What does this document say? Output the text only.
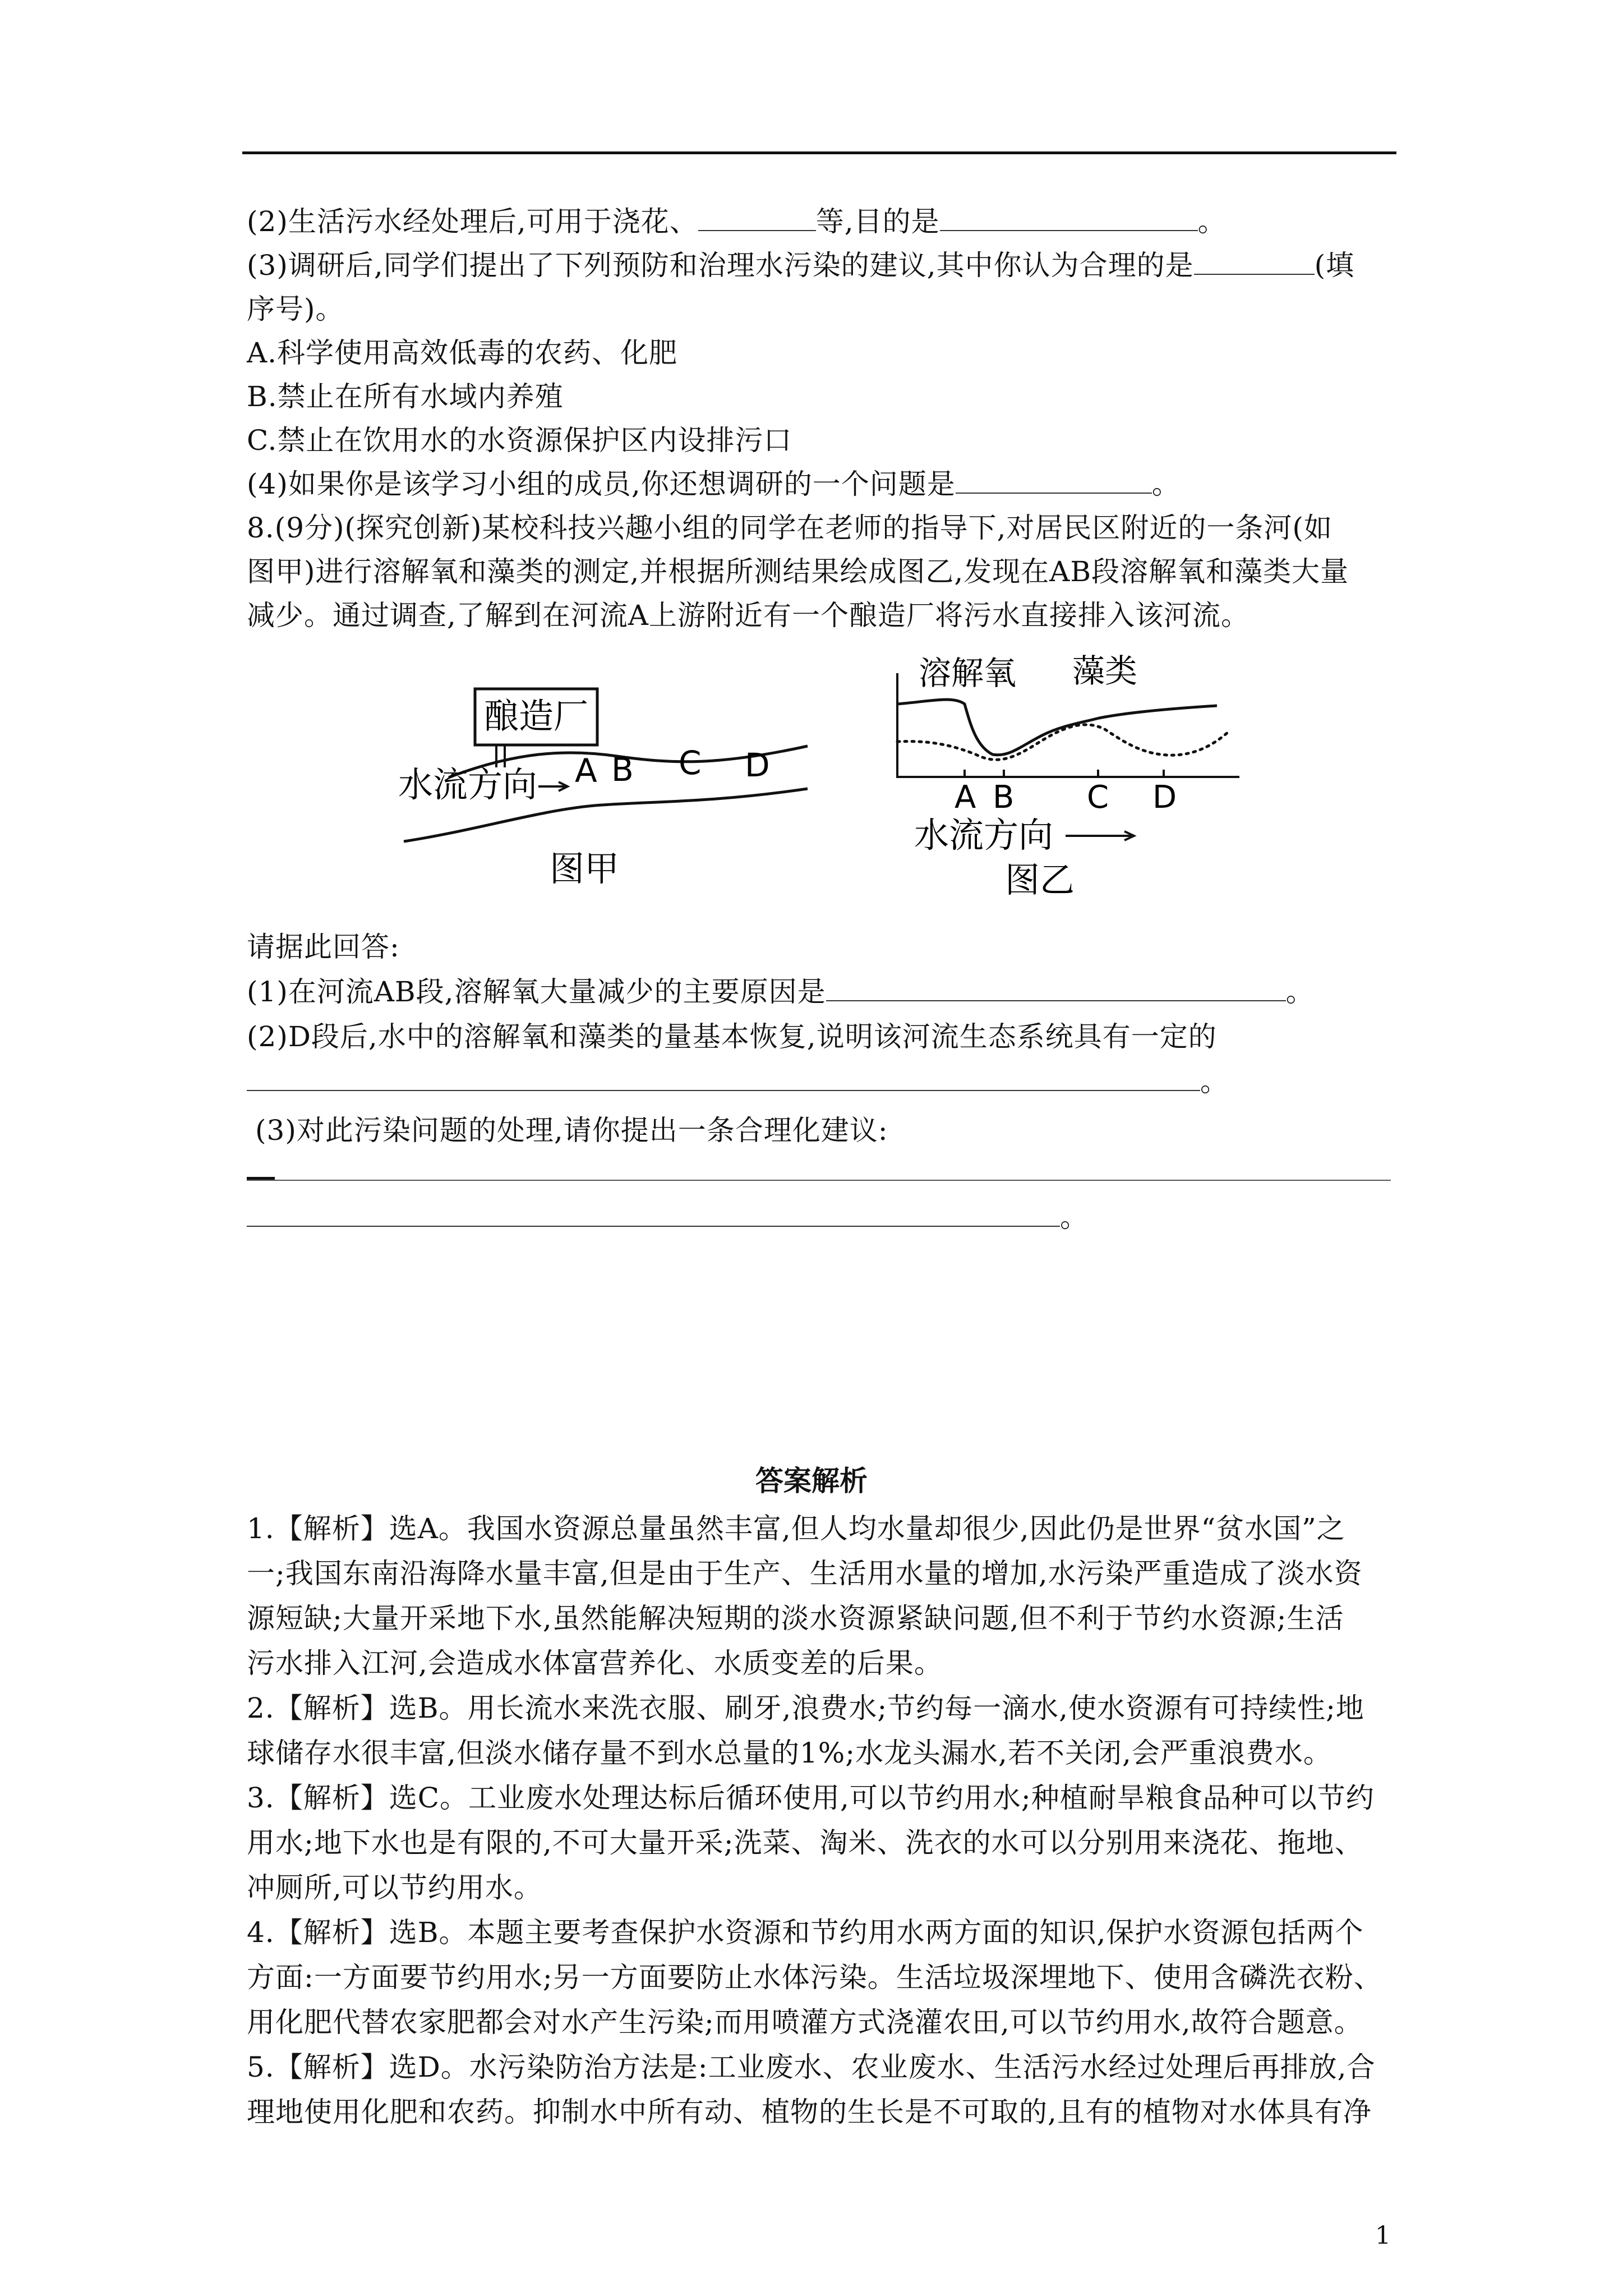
(2)生活污水经处理后,可用于浇花、	等,目的是	。
(3)调研后,同学们提出了下列预防和治理水污染的建议,其中你认为合理的是	(填
序号)。
A.科学使用高效低毒的农药、化肥
B.禁止在所有水域内养殖
C.禁止在饮用水的水资源保护区内设排污口
(4)如果你是该学习小组的成员,你还想调研的一个问题是	。
8.(9分)(探究创新)某校科技兴趣小组的同学在老师的指导下,对居民区附近的一条河(如
图甲)进行溶解氧和藻类的测定,并根据所测结果绘成图乙,发现在AB段溶解氧和藻类大量
减少。通过调查,了解到在河流A上游附近有一个酿造厂将污水直接排入该河流。
酿造厂
水流方向 A B C D
图甲
溶解氧 藻类
A B C D
水流方向
图乙
请据此回答:
(1)在河流AB段,溶解氧大量减少的主要原因是	。
(2)D段后,水中的溶解氧和藻类的量基本恢复,说明该河流生态系统具有一定的
。
(3)对此污染问题的处理,请你提出一条合理化建议:
。
答案解析
1.【解析】选A。我国水资源总量虽然丰富,但人均水量却很少,因此仍是世界“贫水国”之
一;我国东南沿海降水量丰富,但是由于生产、生活用水量的增加,水污染严重造成了淡水资
源短缺;大量开采地下水,虽然能解决短期的淡水资源紧缺问题,但不利于节约水资源;生活
污水排入江河,会造成水体富营养化、水质变差的后果。
2.【解析】选B。用长流水来洗衣服、刷牙,浪费水;节约每一滴水,使水资源有可持续性;地
球储存水很丰富,但淡水储存量不到水总量的1%;水龙头漏水,若不关闭,会严重浪费水。
3.【解析】选C。工业废水处理达标后循环使用,可以节约用水;种植耐旱粮食品种可以节约
用水;地下水也是有限的,不可大量开采;洗菜、淘米、洗衣的水可以分别用来浇花、拖地、
冲厕所,可以节约用水。
4.【解析】选B。本题主要考查保护水资源和节约用水两方面的知识,保护水资源包括两个
方面:一方面要节约用水;另一方面要防止水体污染。生活垃圾深埋地下、使用含磷洗衣粉、
用化肥代替农家肥都会对水产生污染;而用喷灌方式浇灌农田,可以节约用水,故符合题意。
5.【解析】选D。水污染防治方法是:工业废水、农业废水、生活污水经过处理后再排放,合
理地使用化肥和农药。抑制水中所有动、植物的生长是不可取的,且有的植物对水体具有净
1
